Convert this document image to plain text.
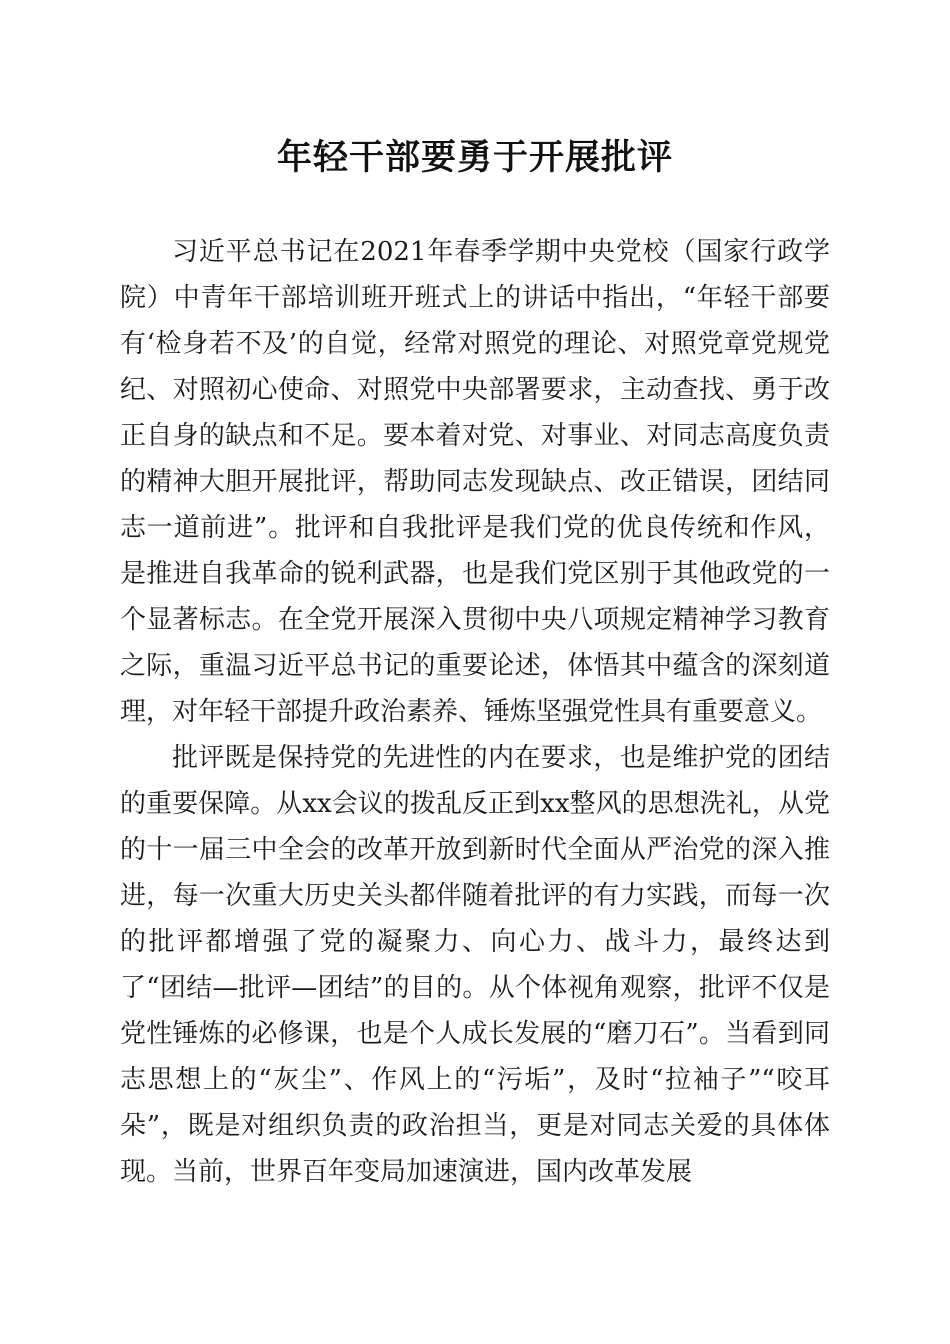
年轻干部要勇于开展批评

习近平总书记在2021年春季学期中央党校（国家行政学院）中青年干部培训班开班式上的讲话中指出，“年轻干部要有‘检身若不及’的自觉，经常对照党的理论、对照党章党规党纪、对照初心使命、对照党中央部署要求，主动查找、勇于改正自身的缺点和不足。要本着对党、对事业、对同志高度负责的精神大胆开展批评，帮助同志发现缺点、改正错误，团结同志一道前进”。批评和自我批评是我们党的优良传统和作风，是推进自我革命的锐利武器，也是我们党区别于其他政党的一个显著标志。在全党开展深入贯彻中央八项规定精神学习教育之际，重温习近平总书记的重要论述，体悟其中蕴含的深刻道理，对年轻干部提升政治素养、锤炼坚强党性具有重要意义。

批评既是保持党的先进性的内在要求，也是维护党的团结的重要保障。从xx会议的拨乱反正到xx整风的思想洗礼，从党的十一届三中全会的改革开放到新时代全面从严治党的深入推进，每一次重大历史关头都伴随着批评的有力实践，而每一次的批评都增强了党的凝聚力、向心力、战斗力，最终达到了“团结—批评—团结”的目的。从个体视角观察，批评不仅是党性锤炼的必修课，也是个人成长发展的“磨刀石”。当看到同志思想上的“灰尘”、作风上的“污垢”，及时“拉袖子”“咬耳朵”，既是对组织负责的政治担当，更是对同志关爱的具体体现。当前，世界百年变局加速演进，国内改革发展
